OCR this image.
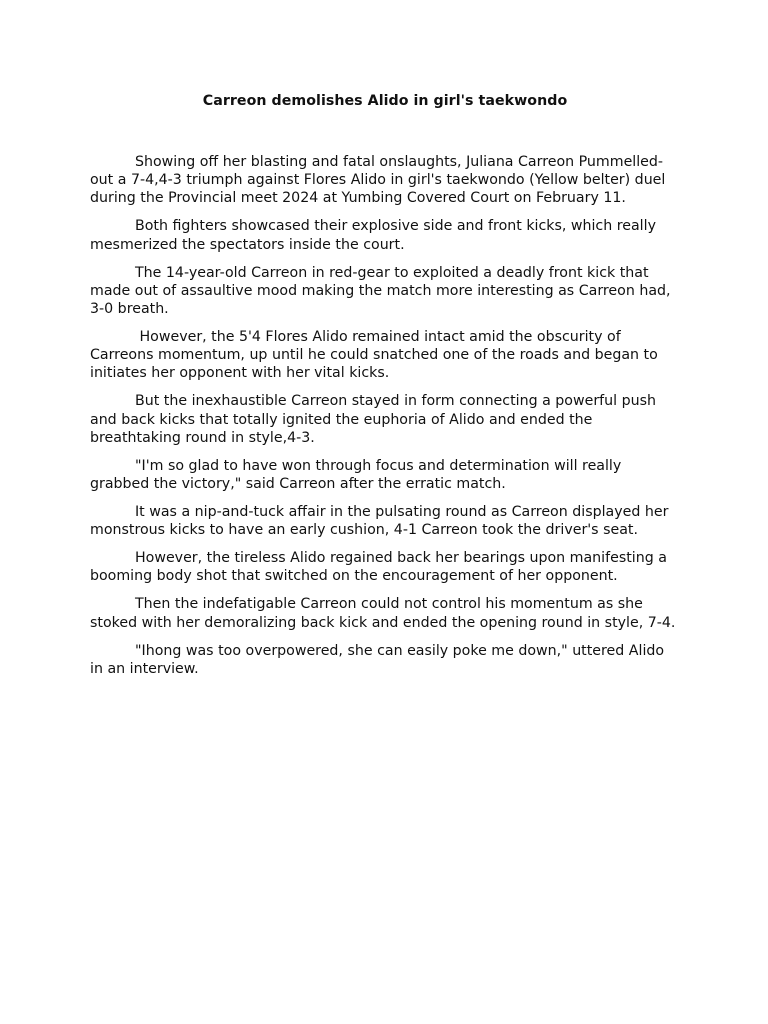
Carreon demolishes Alido in girl's taekwondo

Showing off her blasting and fatal onslaughts, Juliana Carreon Pummelled-out a 7-4,4-3 triumph against Flores Alido in girl's taekwondo (Yellow belter) duel during the Provincial meet 2024 at Yumbing Covered Court on February 11.

Both fighters showcased their explosive side and front kicks, which really mesmerized the spectators inside the court.

The 14-year-old Carreon in red-gear to exploited a deadly front kick that made out of assaultive mood making the match more interesting as Carreon had, 3-0 breath.

However, the 5'4 Flores Alido remained intact amid the obscurity of Carreons momentum, up until he could snatched one of the roads and began to initiates her opponent with her vital kicks.

But the inexhaustible Carreon stayed in form connecting a powerful push and back kicks that totally ignited the euphoria of Alido and ended the breathtaking round in style,4-3.

"I'm so glad to have won through focus and determination will really grabbed the victory," said Carreon after the erratic match.

It was a nip-and-tuck affair in the pulsating round as Carreon displayed her monstrous kicks to have an early cushion, 4-1 Carreon took the driver's seat.

However, the tireless Alido regained back her bearings upon manifesting a booming body shot that switched on the encouragement of her opponent.

Then the indefatigable Carreon could not control his momentum as she stoked with her demoralizing back kick and ended the opening round in style, 7-4.

"Ihong was too overpowered, she can easily poke me down," uttered Alido in an interview.
